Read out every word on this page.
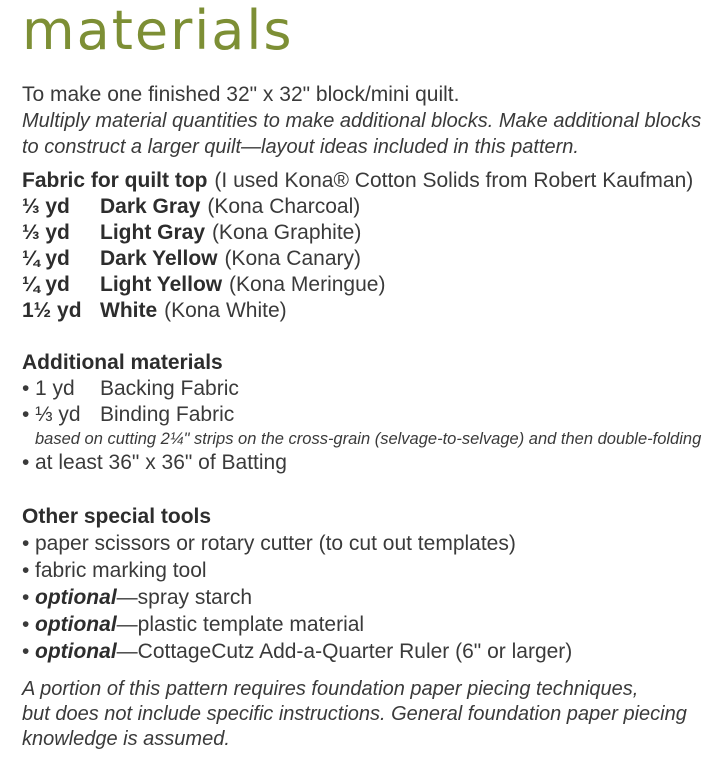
materials
To make one finished 32" x 32" block/mini quilt.
Multiply material quantities to make additional blocks. Make additional blocks
to construct a larger quilt—layout ideas included in this pattern.
Fabric for quilt top (I used Kona® Cotton Solids from Robert Kaufman)
⅓ yd	Dark Gray (Kona Charcoal)
⅓ yd	Light Gray (Kona Graphite)
¼ yd	Dark Yellow (Kona Canary)
¼ yd	Light Yellow (Kona Meringue)
1½ yd White (Kona White)
Additional materials
• 1 yd	Backing Fabric
• ⅓ yd Binding Fabric
based on cutting 2¼" strips on the cross-grain (selvage-to-selvage) and then double-folding
• at least 36" x 36" of Batting
Other special tools
• paper scissors or rotary cutter (to cut out templates)
• fabric marking tool
• optional—spray starch
• optional—plastic template material
• optional—CottageCutz Add-a-Quarter Ruler (6" or larger)
A portion of this pattern requires foundation paper piecing techniques,
but does not include specific instructions. General foundation paper piecing
knowledge is assumed.
